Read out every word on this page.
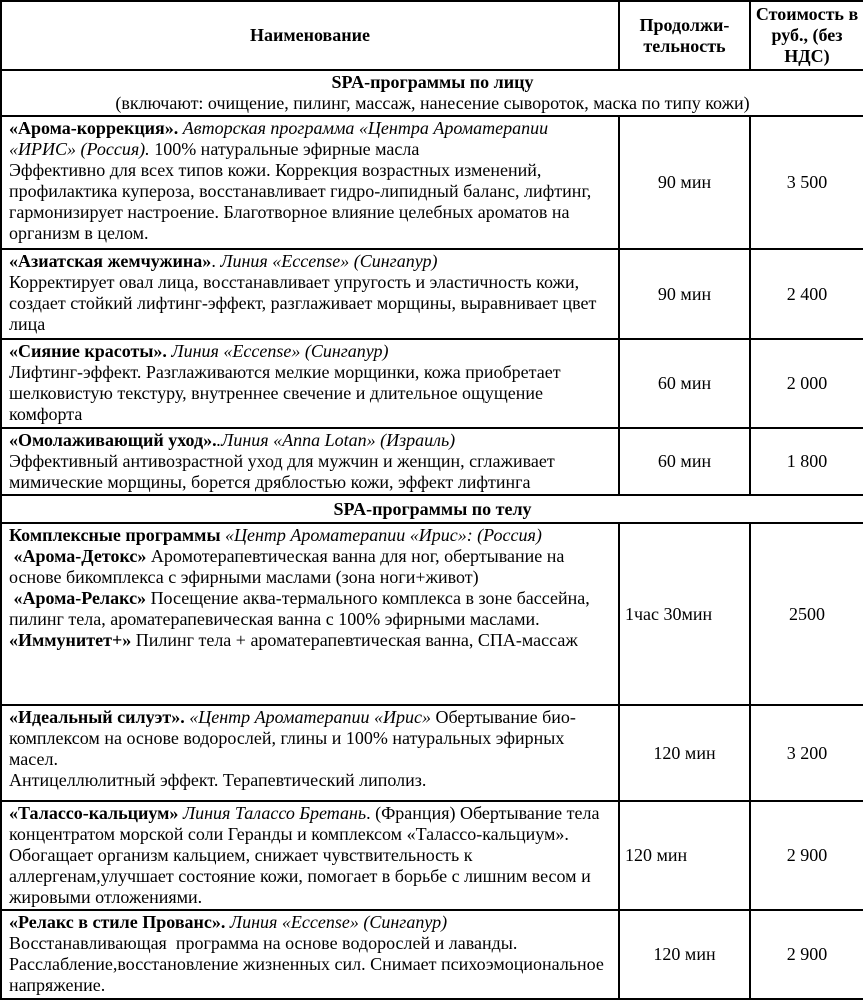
Наименование	Продолжи-тельность	Стоимость в руб., (без НДС)

SPA-программы по лицу
(включают: очищение, пилинг, массаж, нанесение сывороток, маска по типу кожи)		

«Арома-коррекция». Авторская программа «Центра Ароматерапии «ИРИС» (Россия). 100% натуральные эфирные масла
Эффективно для всех типов кожи. Коррекция возрастных изменений, профилактика купероза, восстанавливает гидро-липидный баланс, лифтинг, гармонизирует настроение. Благотворное влияние целебных ароматов на организм в целом.	90 мин	3 500
«Азиатская жемчужина». Линия «Eccense» (Сингапур)
Корректирует овал лица, восстанавливает упругость и эластичность кожи, создает стойкий лифтинг-эффект, разглаживает морщины, выравнивает цвет лица	90 мин	2 400
«Сияние красоты». Линия «Eccense» (Сингапур)
Лифтинг-эффект. Разглаживаются мелкие морщинки, кожа приобретает шелковистую текстуру, внутреннее свечение и длительное ощущение комфорта	60 мин	2 000
«Омолаживающий уход»..Линия «Anna Lotan» (Израиль)
Эффективный антивозрастной уход для мужчин и женщин, сглаживает мимические морщины, борется дряблостью кожи, эффект лифтинга	60 мин	1 800

SPA-программы по телу		

Комплексные программы «Центр Ароматерапии «Ирис»: (Россия)
«Арома-Детокс» Аромотерапевтическая ванна для ног, обертывание на основе бикомплекса с эфирными маслами (зона ноги+живот)
«Арома-Релакс» Посещение аква-термального комплекса в зоне бассейна, пилинг тела, ароматерапевическая ванна с 100% эфирными маслами.
«Иммунитет+» Пилинг тела + ароматерапевтическая ванна, СПА-массаж	1час 30мин	2500
«Идеальный силуэт». «Центр Ароматерапии «Ирис» Обертывание био-комплексом на основе водорослей, глины и 100% натуральных эфирных масел.
Антицеллюлитный эффект. Терапевтический липолиз.	120 мин	3 200
«Талассо-кальциум» Линия Талассо Бретань. (Франция) Обертывание тела   концентратом морской соли Геранды и комплексом «Талассо-кальциум». Обогащает организм кальцием, снижает чувствительность к аллергенам,улучшает состояние кожи, помогает в борьбе с лишним весом и жировыми отложениями.	120 мин	2 900
«Релакс в стиле Прованс». Линия «Eccense» (Сингапур)
Восстанавливающая  программа на основе водорослей и лаванды. Расслабление,восстановление жизненных сил. Снимает психоэмоциональное напряжение.	120 мин	2 900
